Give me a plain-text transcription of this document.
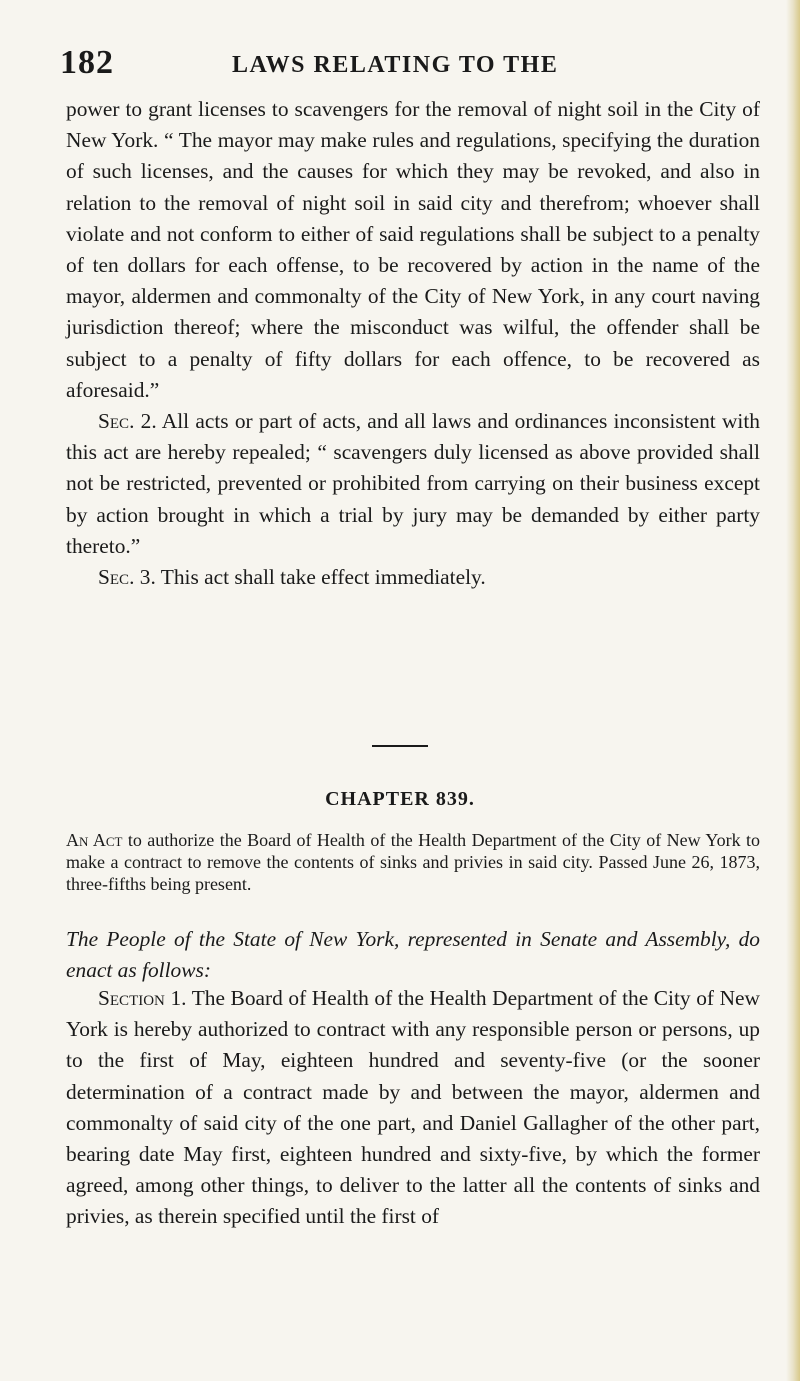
182	LAWS RELATING TO THE

power to grant licenses to scavengers for the removal of night soil in the City of New York. “ The mayor may make rules and regulations, specifying the duration of such licenses, and the causes for which they may be revoked, and also in relation to the removal of night soil in said city and therefrom; whoever shall violate and not conform to either of said regulations shall be subject to a penalty of ten dollars for each offense, to be recovered by action in the name of the mayor, aldermen and commonalty of the City of New York, in any court naving jurisdiction thereof; where the misconduct was wilful, the offender shall be subject to a penalty of fifty dollars for each offence, to be recovered as aforesaid.”

Sec. 2. All acts or part of acts, and all laws and ordinances inconsistent with this act are hereby repealed; “ scavengers duly licensed as above provided shall not be restricted, prevented or prohibited from carrying on their business except by action brought in which a trial by jury may be demanded by either party thereto.”

Sec. 3. This act shall take effect immediately.

CHAPTER 839.
An Act to authorize the Board of Health of the Health Department of the City of New York to make a contract to remove the contents of sinks and privies in said city. Passed June 26, 1873, three-fifths being present.
The People of the State of New York, represented in Senate and Assembly, do enact as follows:

Section 1. The Board of Health of the Health Department of the City of New York is hereby authorized to contract with any responsible person or persons, up to the first of May, eighteen hundred and seventy-five (or the sooner determination of a contract made by and between the mayor, aldermen and commonalty of said city of the one part, and Daniel Gallagher of the other part, bearing date May first, eighteen hundred and sixty-five, by which the former agreed, among other things, to deliver to the latter all the contents of sinks and privies, as therein specified until the first of
